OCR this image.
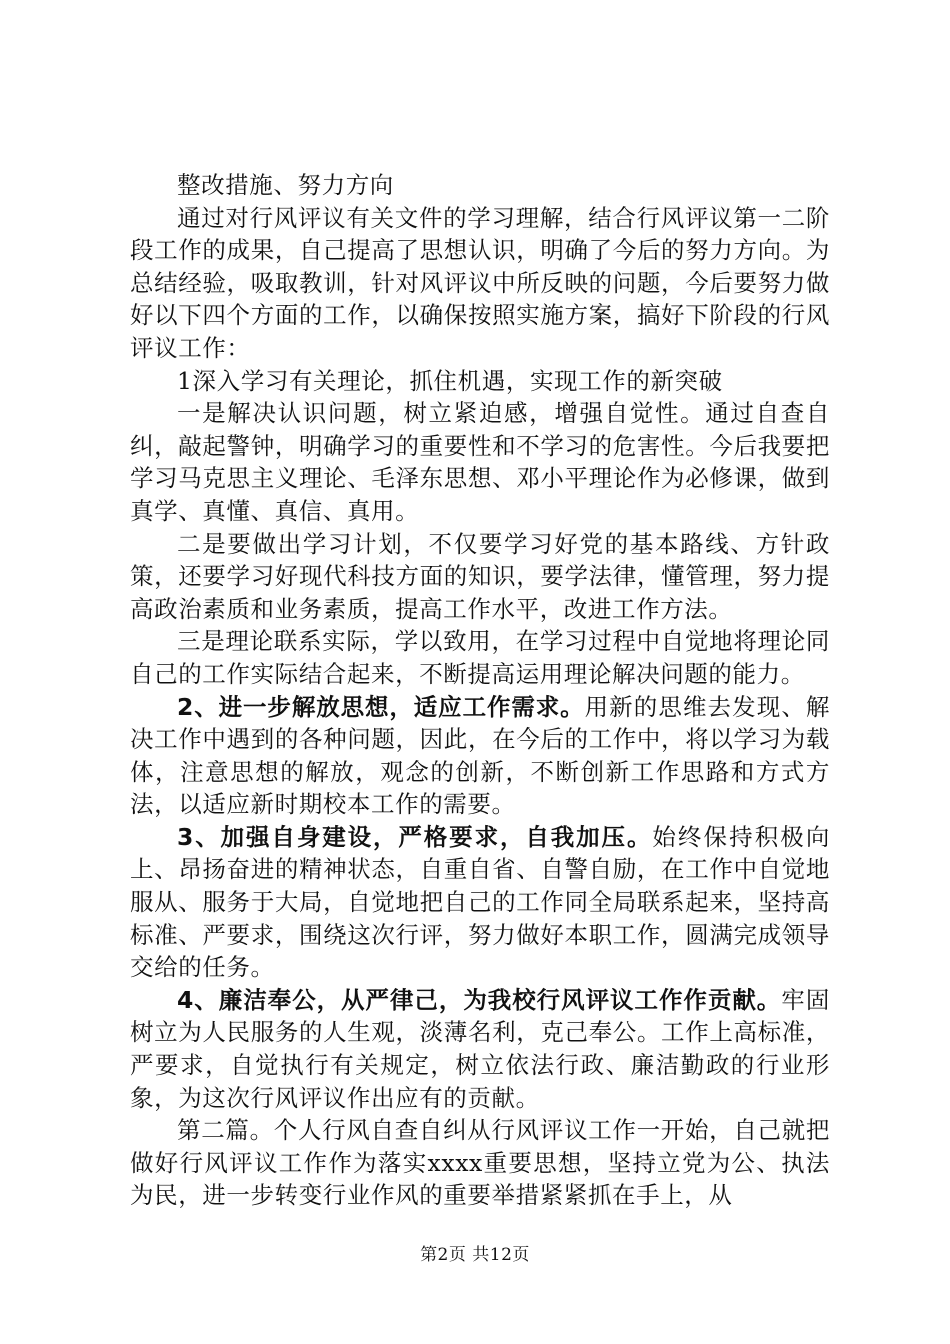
整改措施、努力方向

通过对行风评议有关文件的学习理解，结合行风评议第一二阶段工作的成果，自己提高了思想认识，明确了今后的努力方向。为总结经验，吸取教训，针对风评议中所反映的问题，今后要努力做好以下四个方面的工作，以确保按照实施方案，搞好下阶段的行风评议工作：

1深入学习有关理论，抓住机遇，实现工作的新突破

一是解决认识问题，树立紧迫感，增强自觉性。通过自查自纠，敲起警钟，明确学习的重要性和不学习的危害性。今后我要把学习马克思主义理论、毛泽东思想、邓小平理论作为必修课，做到真学、真懂、真信、真用。

二是要做出学习计划，不仅要学习好党的基本路线、方针政策，还要学习好现代科技方面的知识，要学法律，懂管理，努力提高政治素质和业务素质，提高工作水平，改进工作方法。

三是理论联系实际，学以致用，在学习过程中自觉地将理论同自己的工作实际结合起来，不断提高运用理论解决问题的能力。

2、进一步解放思想，适应工作需求。用新的思维去发现、解决工作中遇到的各种问题，因此，在今后的工作中，将以学习为载体，注意思想的解放，观念的创新，不断创新工作思路和方式方法，以适应新时期校本工作的需要。

3、加强自身建设，严格要求，自我加压。始终保持积极向上、昂扬奋进的精神状态，自重自省、自警自励，在工作中自觉地服从、服务于大局，自觉地把自己的工作同全局联系起来，坚持高标准、严要求，围绕这次行评，努力做好本职工作，圆满完成领导交给的任务。

4、廉洁奉公，从严律己，为我校行风评议工作作贡献。牢固树立为人民服务的人生观，淡薄名利，克己奉公。工作上高标准，严要求，自觉执行有关规定，树立依法行政、廉洁勤政的行业形象，为这次行风评议作出应有的贡献。

第二篇。个人行风自查自纠从行风评议工作一开始，自己就把做好行风评议工作作为落实xxxx重要思想，坚持立党为公、执法为民，进一步转变行业作风的重要举措紧紧抓在手上，从

第2页 共12页
